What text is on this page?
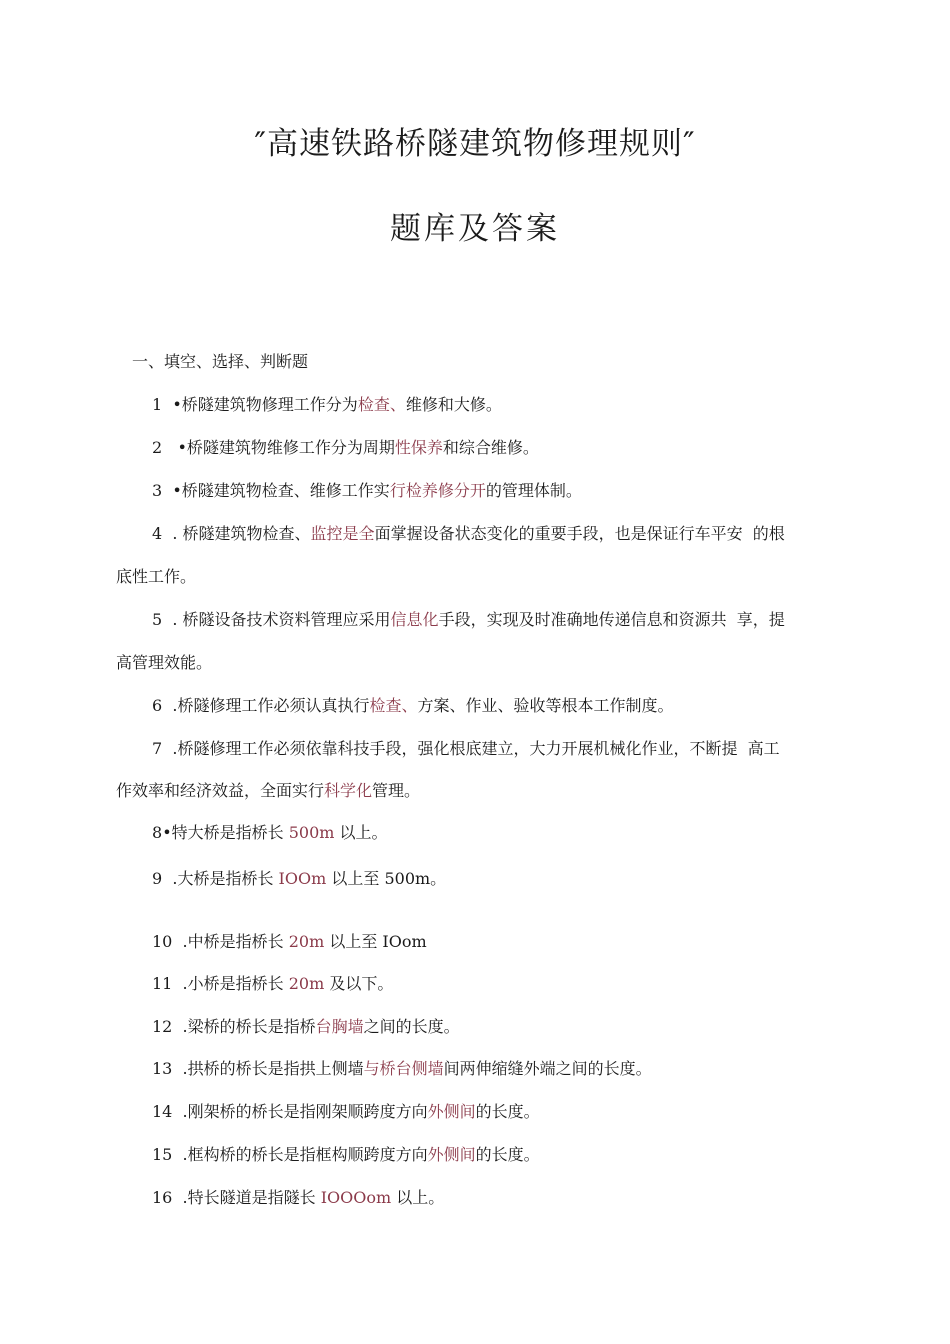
″高速铁路桥隧建筑物修理规则″
题库及答案
一、填空、选择、判断题
1  •桥隧建筑物修理工作分为检查、维修和大修。
2   •桥隧建筑物维修工作分为周期性保养和综合维修。
3  •桥隧建筑物检查、维修工作实行检养修分开的管理体制。
4  . 桥隧建筑物检查、监控是全面掌握设备状态变化的重要手段，也是保证行车平安  的根
底性工作。
5  . 桥隧设备技术资料管理应采用信息化手段，实现及时准确地传递信息和资源共  享，提
高管理效能。
6  .桥隧修理工作必须认真执行检查、方案、作业、验收等根本工作制度。
7  .桥隧修理工作必须依靠科技手段，强化根底建立，大力开展机械化作业，不断提  高工
作效率和经济效益，全面实行科学化管理。
8•特大桥是指桥长 500m 以上。
9  .大桥是指桥长 IOOm 以上至 500m。
10  .中桥是指桥长 20m 以上至 IOom
11  .小桥是指桥长 20m 及以下。
12  .梁桥的桥长是指桥台胸墙之间的长度。
13  .拱桥的桥长是指拱上侧墙与桥台侧墙间两伸缩缝外端之间的长度。
14  .刚架桥的桥长是指刚架顺跨度方向外侧间的长度。
15  .框构桥的桥长是指框构顺跨度方向外侧间的长度。
16  .特长隧道是指隧长 IOOOom 以上。
